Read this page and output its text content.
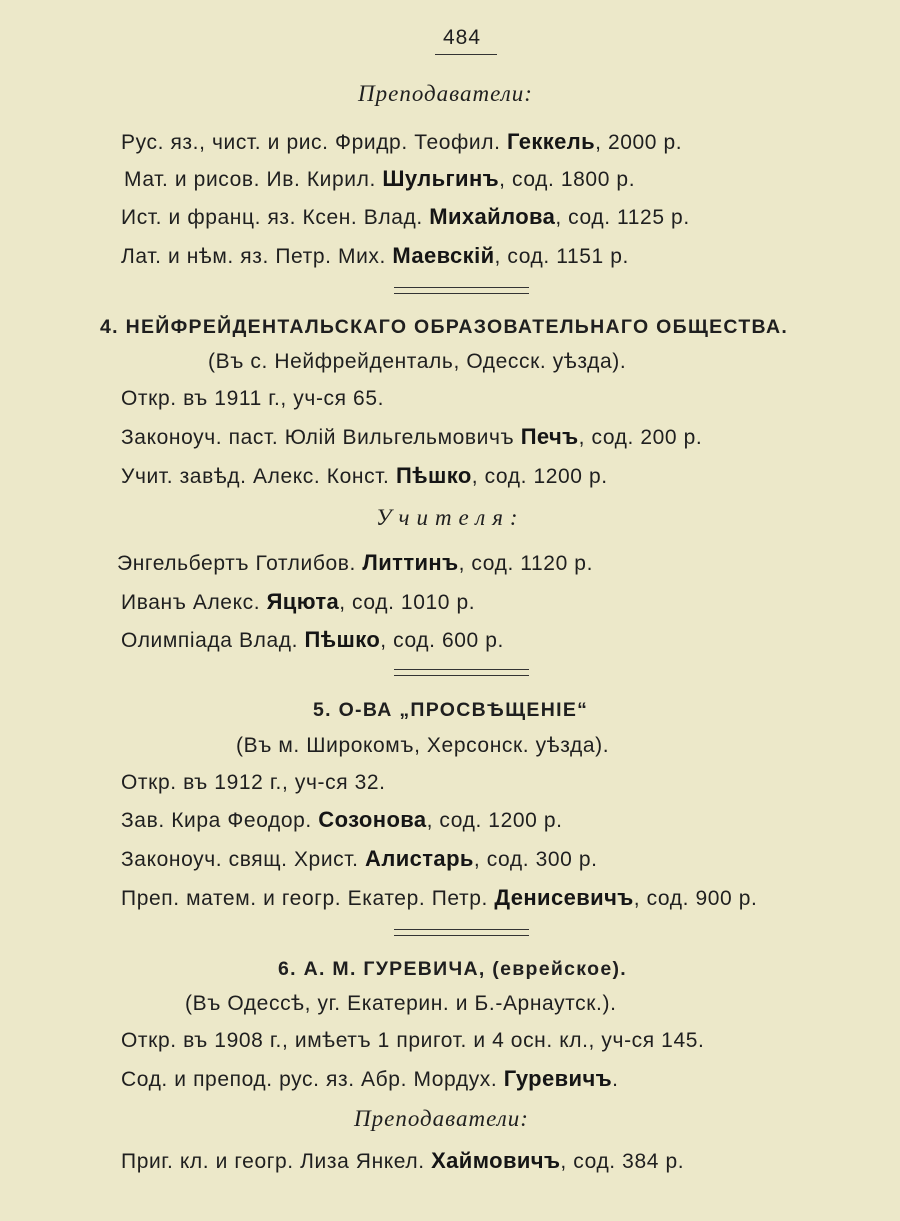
484
Преподаватели:
Рус. яз., чист. и рис. Фридр. Теофил. Геккель, 2000 р.
Мат. и рисов. Ив. Кирил. Шульгинъ, сод. 1800 р.
Ист. и франц. яз. Ксен. Влад. Михайлова, сод. 1125 р.
Лат. и нѣм. яз. Петр. Мих. Маевскiй, сод. 1151 р.
4. НЕЙФРЕЙДЕНТАЛЬСКАГО ОБРАЗОВАТЕЛЬНАГО ОБЩЕСТВА.
(Въ с. Нейфрейденталь, Одесск. уѣзда).
Откр. въ 1911 г., уч-ся 65.
Законоуч. паст. Юлiй Вильгельмовичъ Печъ, сод. 200 р.
Учит. завѣд. Алекс. Конст. Пѣшко, сод. 1200 р.
Учителя:
Энгельбертъ Готлибов. Литтинъ, сод. 1120 р.
Иванъ Алекс. Яцюта, сод. 1010 р.
Олимпiада Влад. Пѣшко, сод. 600 р.
5. О-ВА „ПРОСВѢЩЕНIЕ“
(Въ м. Широкомъ, Херсонск. уѣзда).
Откр. въ 1912 г., уч-ся 32.
Зав. Кира Феодор. Созонова, сод. 1200 р.
Законоуч. свящ. Христ. Алистарь, сод. 300 р.
Преп. матем. и геогр. Екатер. Петр. Денисевичъ, сод. 900 р.
6. А. М. ГУРЕВИЧА, (еврейское).
(Въ Одессѣ, уг. Екатерин. и Б.-Арнаутск.).
Откр. въ 1908 г., имѣетъ 1 пригот. и 4 осн. кл., уч-ся 145.
Сод. и препод. рус. яз. Абр. Мордух. Гуревичъ.
Преподаватели:
Приг. кл. и геогр. Лиза Янкел. Хаймовичъ, сод. 384 р.
